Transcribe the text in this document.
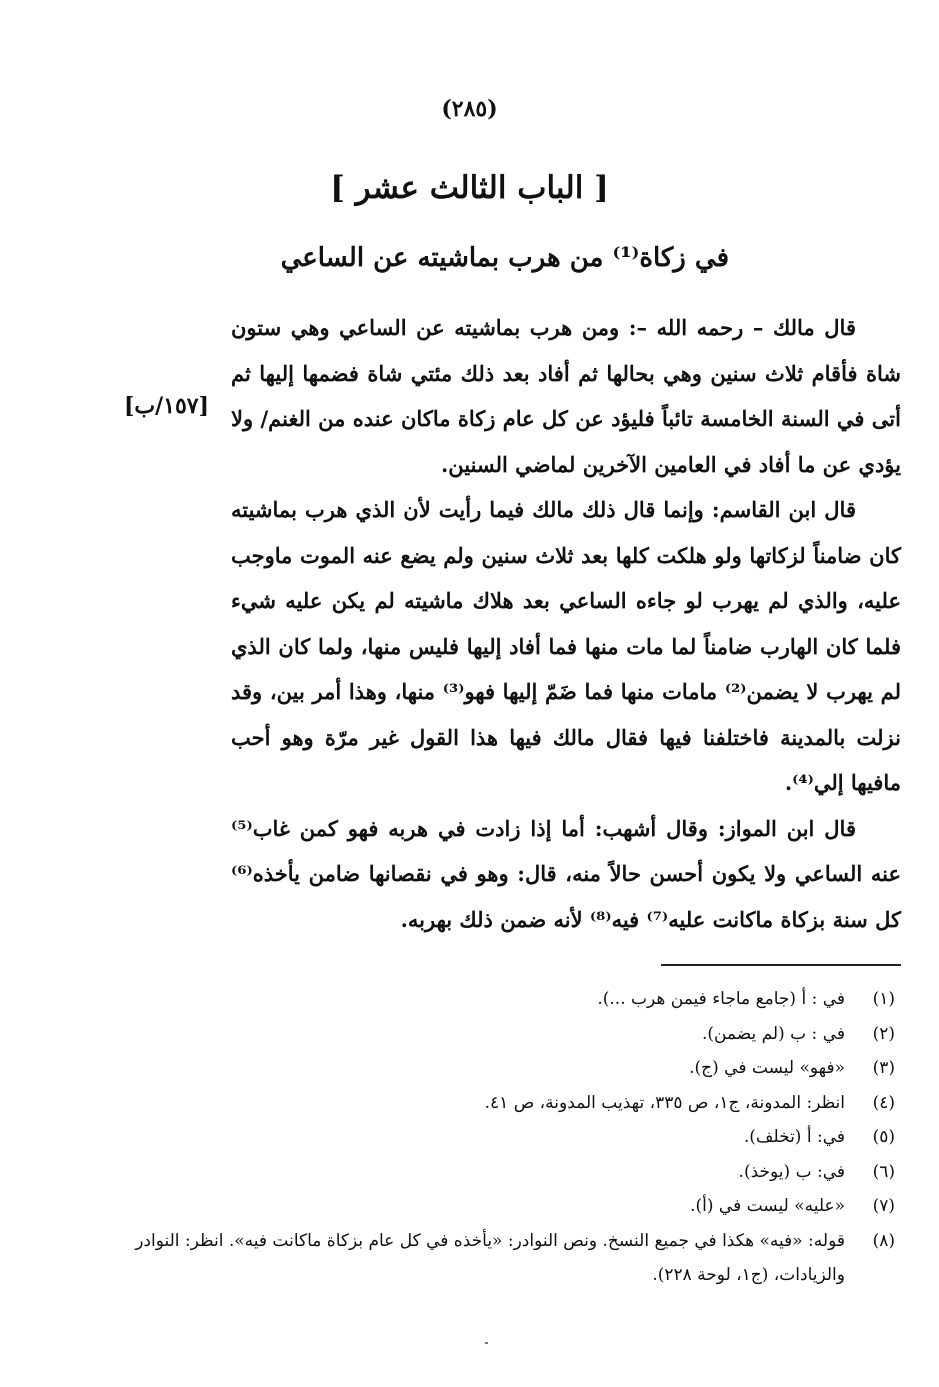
(٢٨٥)
[ الباب الثالث عشر ]
في زكاة⁽¹⁾ من هرب بماشيته عن الساعي
[١٥٧/ب]

قال مالك – رحمه الله –: ومن هرب بماشيته عن الساعي وهي ستون شاة فأقام ثلاث سنين وهي بحالها ثم أفاد بعد ذلك مئتي شاة فضمها إليها ثم أتى في السنة الخامسة تائباً فليؤد عن كل عام زكاة ماكان عنده من الغنم/ ولا يؤدي عن ما أفاد في العامين الآخرين لماضي السنين.

قال ابن القاسم: وإنما قال ذلك مالك فيما رأيت لأن الذي هرب بماشيته كان ضامناً لزكاتها ولو هلكت كلها بعد ثلاث سنين ولم يضع عنه الموت ماوجب عليه، والذي لم يهرب لو جاءه الساعي بعد هلاك ماشيته لم يكن عليه شيء فلما كان الهارب ضامناً لما مات منها فما أفاد إليها فليس منها، ولما كان الذي لم يهرب لا يضمن⁽²⁾ مامات منها فما ضَمّ إليها فهو⁽³⁾ منها، وهذا أمر بين، وقد نزلت بالمدينة فاختلفنا فيها فقال مالك فيها هذا القول غير مرّة وهو أحب مافيها إلي⁽⁴⁾.

قال ابن المواز: وقال أشهب: أما إذا زادت في هربه فهو كمن غاب⁽⁵⁾ عنه الساعي ولا يكون أحسن حالاً منه، قال: وهو في نقصانها ضامن يأخذه⁽⁶⁾ كل سنة بزكاة ماكانت عليه⁽⁷⁾ فيه⁽⁸⁾ لأنه ضمن ذلك بهربه.

(١)
في : أ (جامع ماجاء فيمن هرب ...).
(٢)
في : ب (لم يضمن).
(٣)
«فهو» ليست في (ج).
(٤)
انظر: المدونة، ج١، ص ٣٣٥، تهذيب المدونة، ص ٤١.
(٥)
في: أ (تخلف).
(٦)
في: ب (يوخذ).
(٧)
«عليه» ليست في (أ).
(٨)
قوله: «فيه» هكذا في جميع النسخ. ونص النوادر: «يأخذه في كل عام بزكاة ماكانت فيه». انظر: النوادر والزيادات، (ج١، لوحة ٢٢٨).
